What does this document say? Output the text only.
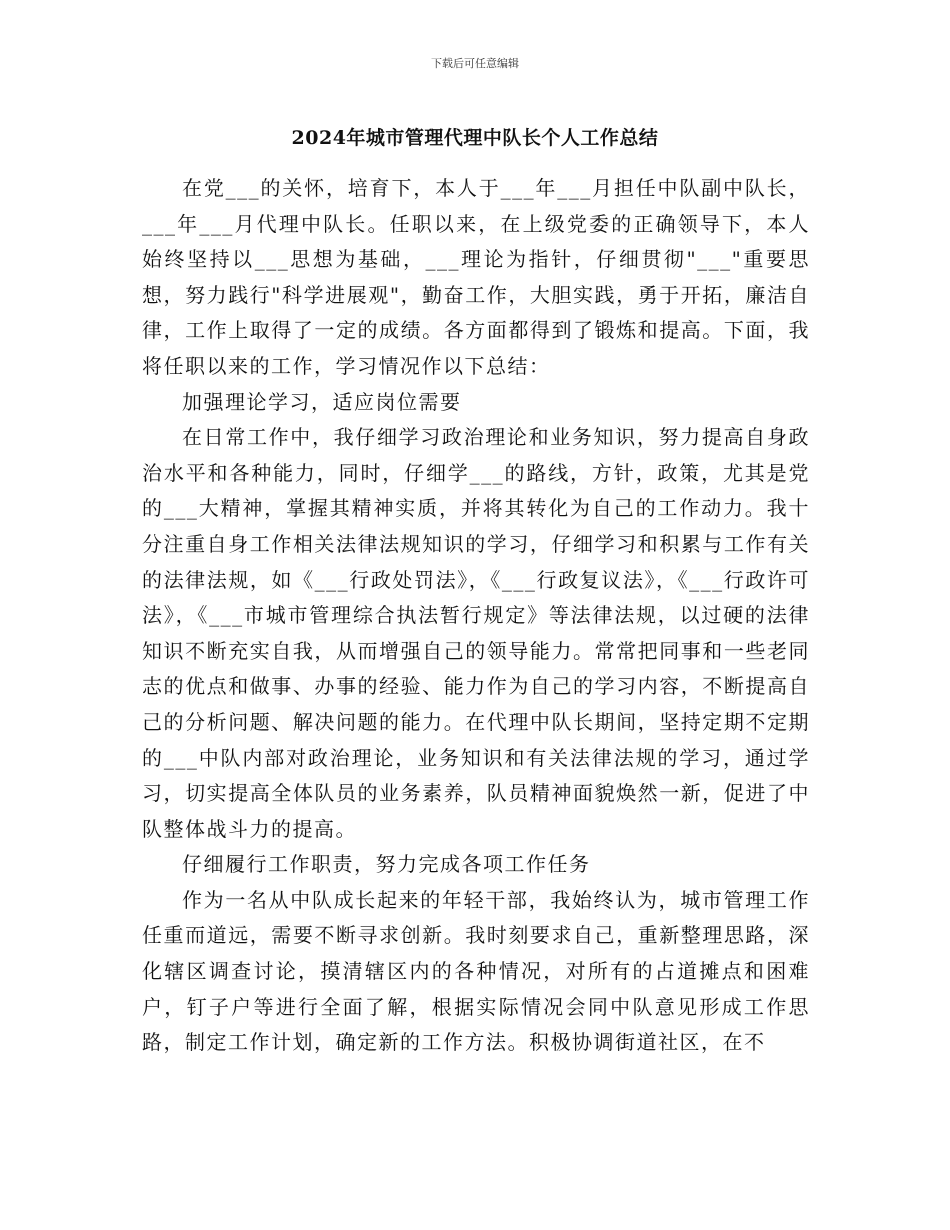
下载后可任意编辑
2024年城市管理代理中队长个人工作总结

在党___的关怀，培育下，本人于___年___月担任中队副中队长，___年___月代理中队长。任职以来，在上级党委的正确领导下，本人始终坚持以___思想为基础，___理论为指针，仔细贯彻"___"重要思想，努力践行"科学进展观"，勤奋工作，大胆实践，勇于开拓，廉洁自律，工作上取得了一定的成绩。各方面都得到了锻炼和提高。下面，我将任职以来的工作，学习情况作以下总结：

加强理论学习，适应岗位需要

在日常工作中，我仔细学习政治理论和业务知识，努力提高自身政治水平和各种能力，同时，仔细学___的路线，方针，政策，尤其是党的___大精神，掌握其精神实质，并将其转化为自己的工作动力。我十分注重自身工作相关法律法规知识的学习，仔细学习和积累与工作有关的法律法规，如《___行政处罚法》，《___行政复议法》，《___行政许可法》，《___市城市管理综合执法暂行规定》等法律法规，以过硬的法律知识不断充实自我，从而增强自己的领导能力。常常把同事和一些老同志的优点和做事、办事的经验、能力作为自己的学习内容，不断提高自己的分析问题、解决问题的能力。在代理中队长期间，坚持定期不定期的___中队内部对政治理论，业务知识和有关法律法规的学习，通过学习，切实提高全体队员的业务素养，队员精神面貌焕然一新，促进了中队整体战斗力的提高。

仔细履行工作职责，努力完成各项工作任务

作为一名从中队成长起来的年轻干部，我始终认为，城市管理工作任重而道远，需要不断寻求创新。我时刻要求自己，重新整理思路，深化辖区调查讨论，摸清辖区内的各种情况，对所有的占道摊点和困难户，钉子户等进行全面了解，根据实际情况会同中队意见形成工作思路，制定工作计划，确定新的工作方法。积极协调街道社区，在不
